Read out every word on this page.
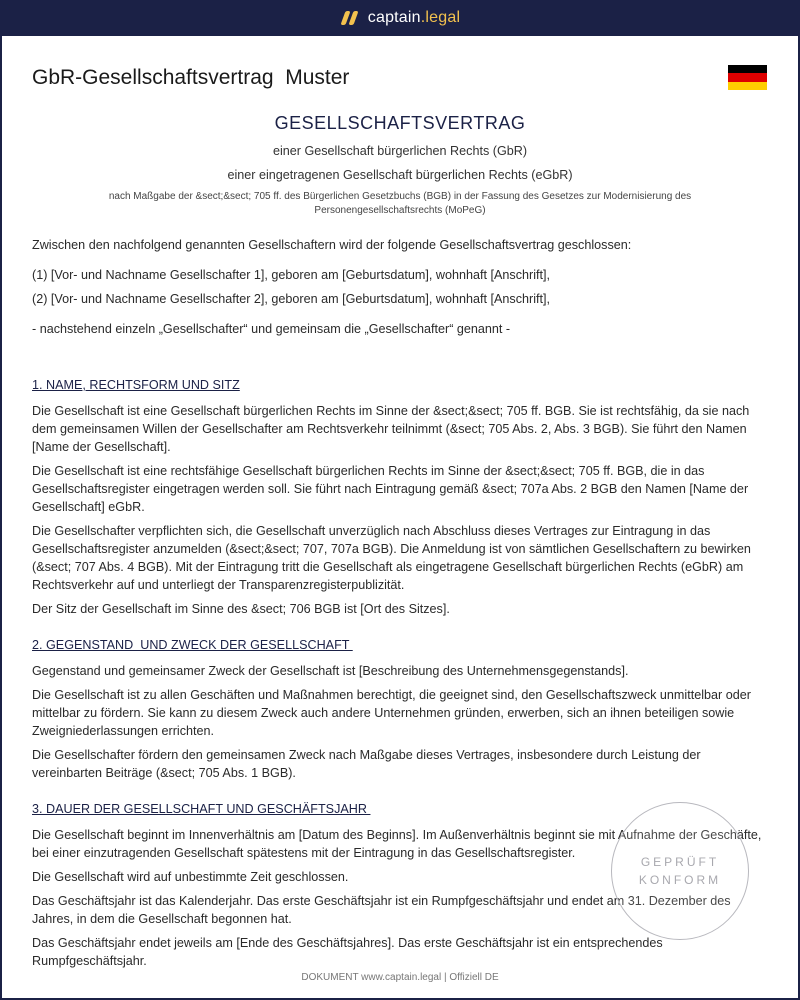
captain.legal
GbR-Gesellschaftsvertrag  Muster
GESELLSCHAFTSVERTRAG
einer Gesellschaft bürgerlichen Rechts (GbR)
einer eingetragenen Gesellschaft bürgerlichen Rechts (eGbR)
nach Maßgabe der &sect;&sect; 705 ff. des Bürgerlichen Gesetzbuchs (BGB) in der Fassung des Gesetzes zur Modernisierung des Personengesellschaftsrechts (MoPeG)

Zwischen den nachfolgend genannten Gesellschaftern wird der folgende Gesellschaftsvertrag geschlossen:

(1) [Vor- und Nachname Gesellschafter 1], geboren am [Geburtsdatum], wohnhaft [Anschrift],

(2) [Vor- und Nachname Gesellschafter 2], geboren am [Geburtsdatum], wohnhaft [Anschrift],

- nachstehend einzeln „Gesellschafter“ und gemeinsam die „Gesellschafter“ genannt -

1. NAME, RECHTSFORM UND SITZ

Die Gesellschaft ist eine Gesellschaft bürgerlichen Rechts im Sinne der &sect;&sect; 705 ff. BGB. Sie ist rechtsfähig, da sie nach dem gemeinsamen Willen der Gesellschafter am Rechtsverkehr teilnimmt (&sect; 705 Abs. 2, Abs. 3 BGB). Sie führt den Namen [Name der Gesellschaft].

Die Gesellschaft ist eine rechtsfähige Gesellschaft bürgerlichen Rechts im Sinne der &sect;&sect; 705 ff. BGB, die in das Gesellschaftsregister eingetragen werden soll. Sie führt nach Eintragung gemäß &sect; 707a Abs. 2 BGB den Namen [Name der Gesellschaft] eGbR.

Die Gesellschafter verpflichten sich, die Gesellschaft unverzüglich nach Abschluss dieses Vertrages zur Eintragung in das Gesellschaftsregister anzumelden (&sect;&sect; 707, 707a BGB). Die Anmeldung ist von sämtlichen Gesellschaftern zu bewirken (&sect; 707 Abs. 4 BGB). Mit der Eintragung tritt die Gesellschaft als eingetragene Gesellschaft bürgerlichen Rechts (eGbR) am Rechtsverkehr auf und unterliegt der Transparenzregisterpublizität.

Der Sitz der Gesellschaft im Sinne des &sect; 706 BGB ist [Ort des Sitzes].

2. GEGENSTAND  UND ZWECK DER GESELLSCHAFT

Gegenstand und gemeinsamer Zweck der Gesellschaft ist [Beschreibung des Unternehmensgegenstands].

Die Gesellschaft ist zu allen Geschäften und Maßnahmen berechtigt, die geeignet sind, den Gesellschaftszweck unmittelbar oder mittelbar zu fördern. Sie kann zu diesem Zweck auch andere Unternehmen gründen, erwerben, sich an ihnen beteiligen sowie Zweigniederlassungen errichten.

Die Gesellschafter fördern den gemeinsamen Zweck nach Maßgabe dieses Vertrages, insbesondere durch Leistung der vereinbarten Beiträge (&sect; 705 Abs. 1 BGB).

3. DAUER DER GESELLSCHAFT UND GESCHÄFTSJAHR

Die Gesellschaft beginnt im Innenverhältnis am [Datum des Beginns]. Im Außenverhältnis beginnt sie mit Aufnahme der Geschäfte, bei einer einzutragenden Gesellschaft spätestens mit der Eintragung in das Gesellschaftsregister.

Die Gesellschaft wird auf unbestimmte Zeit geschlossen.

Das Geschäftsjahr ist das Kalenderjahr. Das erste Geschäftsjahr ist ein Rumpfgeschäftsjahr und endet am 31. Dezember des Jahres, in dem die Gesellschaft begonnen hat.

Das Geschäftsjahr endet jeweils am [Ende des Geschäftsjahres]. Das erste Geschäftsjahr ist ein entsprechendes Rumpfgeschäftsjahr.

GEPRÜFT
KONFORM
DOKUMENT www.captain.legal | Offiziell DE
